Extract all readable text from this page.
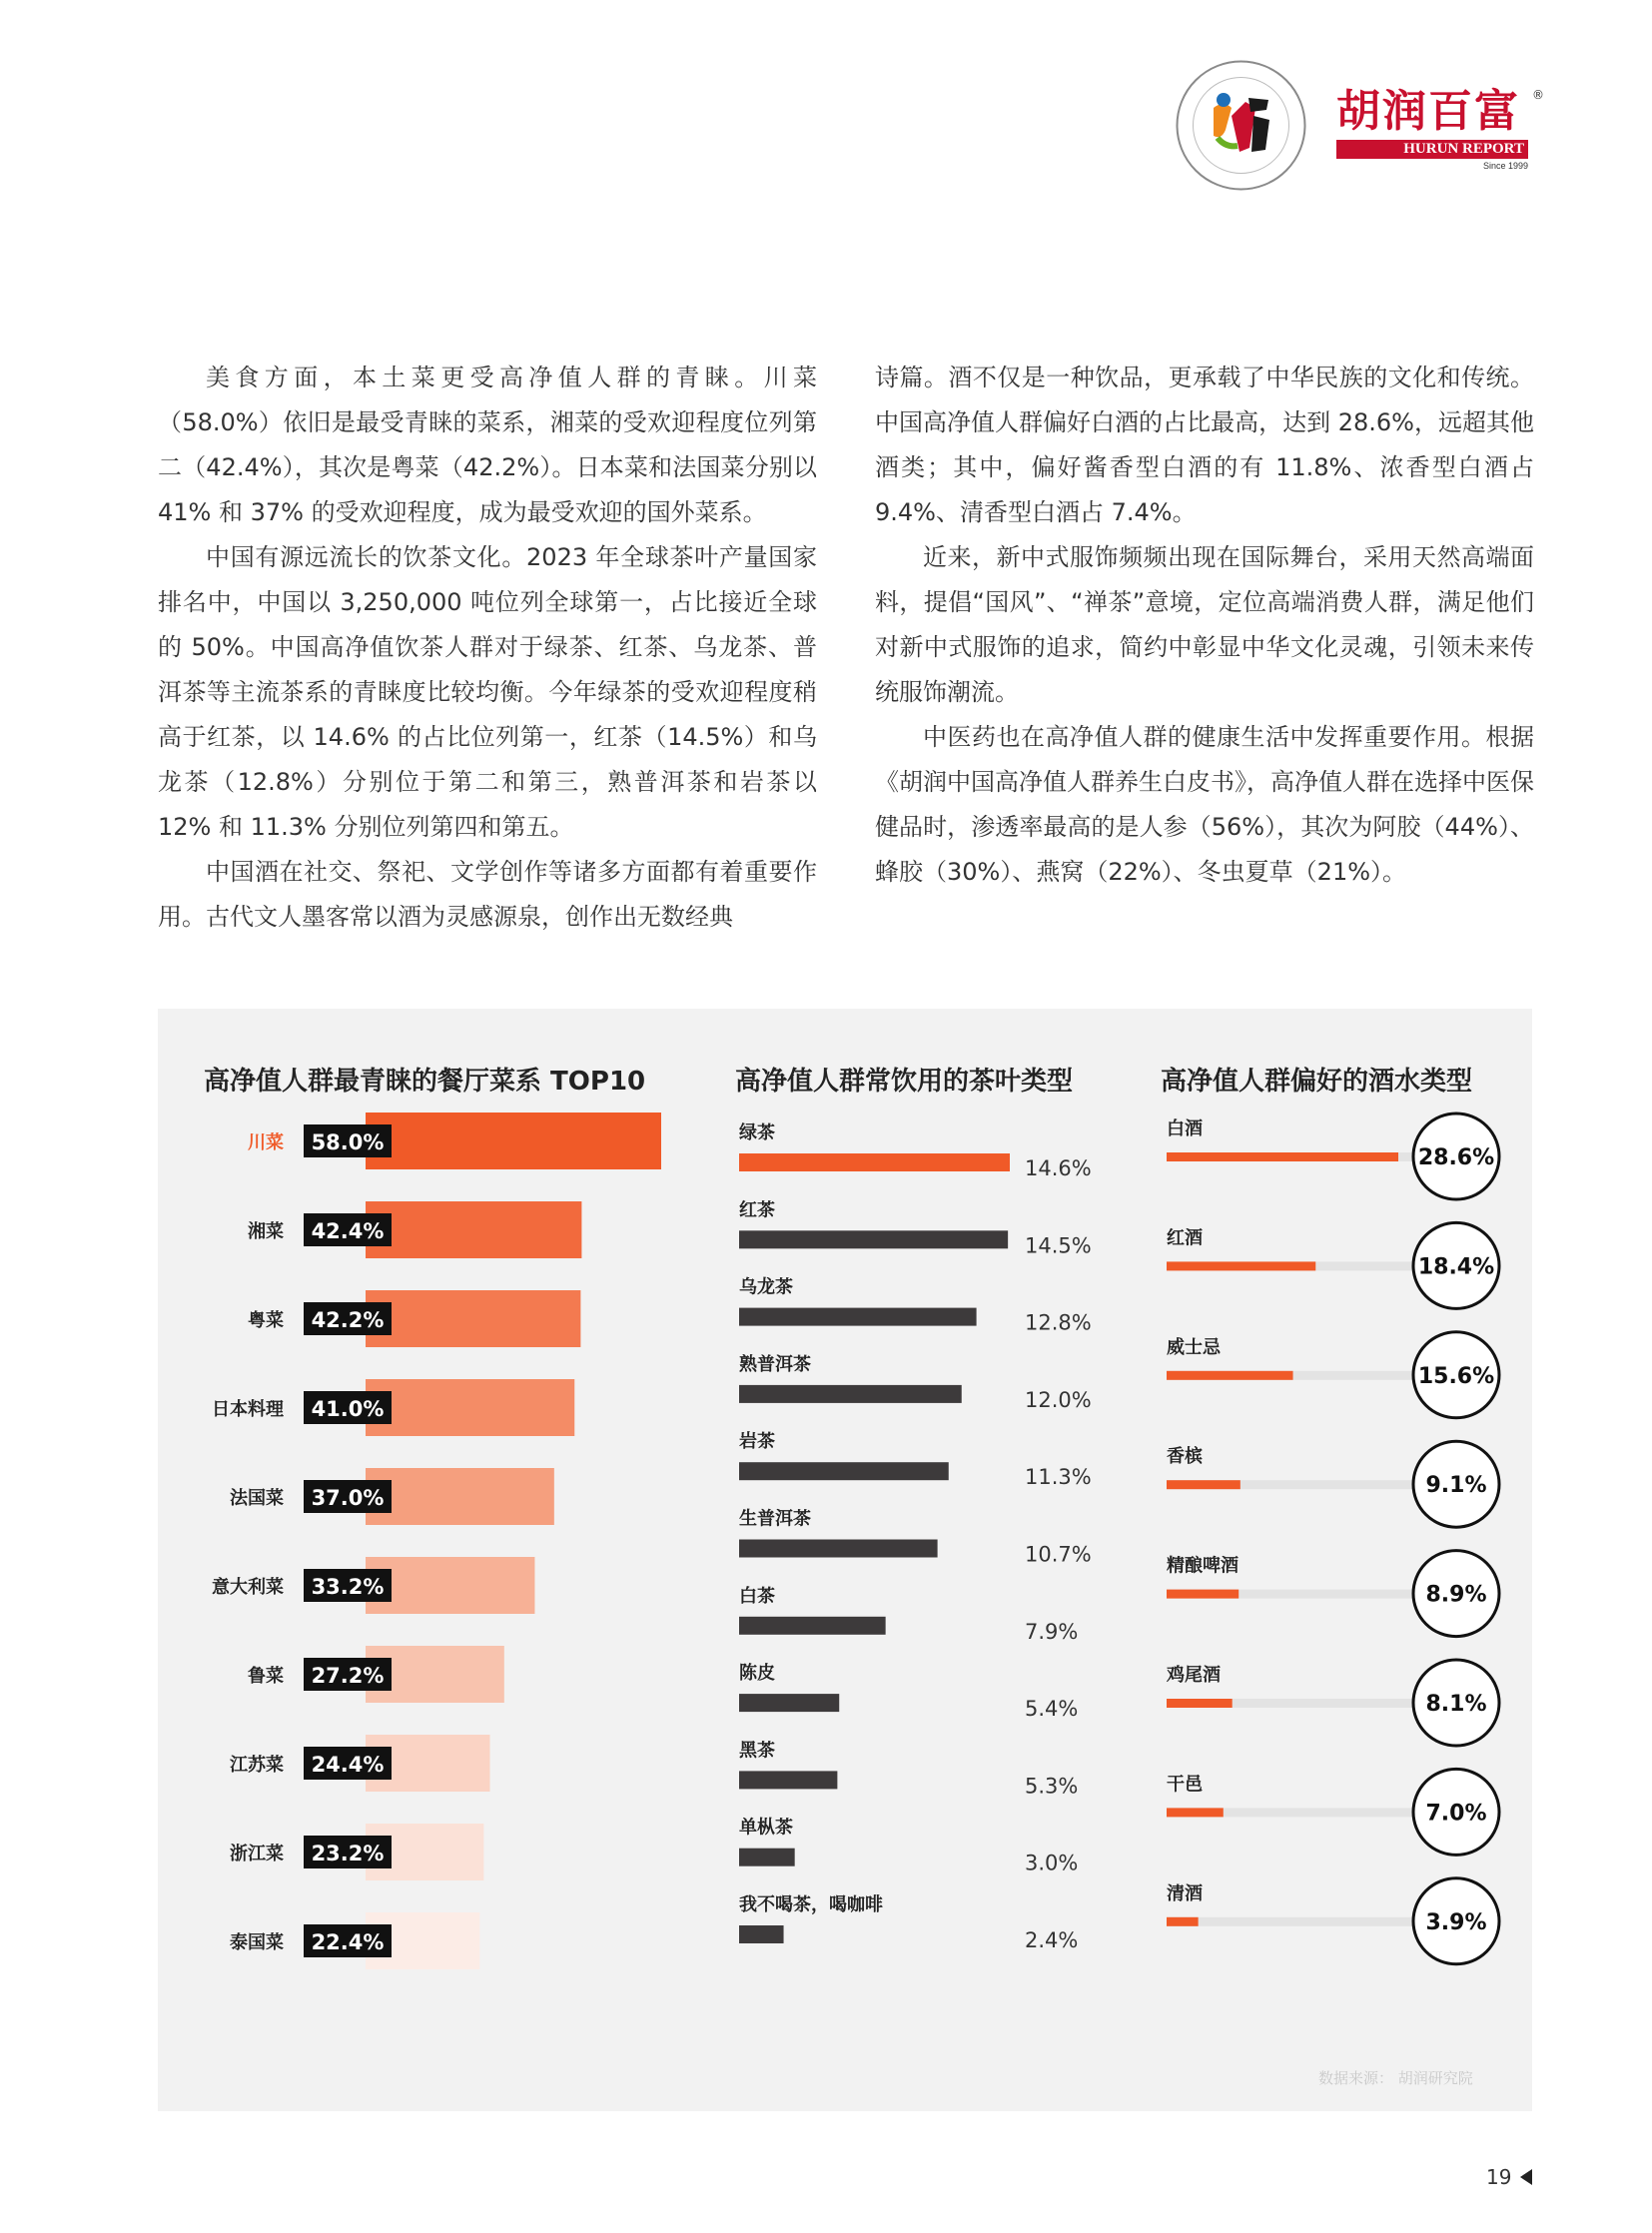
胡润百富	®
HURUN REPORT
Since 1999

美食方面，本土菜更受高净值人群的青睐。川菜（58.0%）依旧是最受青睐的菜系，湘菜的受欢迎程度位列第二（42.4%），其次是粤菜（42.2%）。日本菜和法国菜分别以 41% 和 37% 的受欢迎程度，成为最受欢迎的国外菜系。

中国有源远流长的饮茶文化。2023 年全球茶叶产量国家排名中，中国以 3,250,000 吨位列全球第一，占比接近全球的 50%。中国高净值饮茶人群对于绿茶、红茶、乌龙茶、普洱茶等主流茶系的青睐度比较均衡。今年绿茶的受欢迎程度稍高于红茶，以 14.6% 的占比位列第一，红茶（14.5%）和乌龙茶（12.8%）分别位于第二和第三，熟普洱茶和岩茶以 12% 和 11.3% 分别位列第四和第五。

中国酒在社交、祭祀、文学创作等诸多方面都有着重要作用。古代文人墨客常以酒为灵感源泉，创作出无数经典

诗篇。酒不仅是一种饮品，更承载了中华民族的文化和传统。中国高净值人群偏好白酒的占比最高，达到 28.6%，远超其他酒类；其中，偏好酱香型白酒的有 11.8%、浓香型白酒占 9.4%、清香型白酒占 7.4%。

近来，新中式服饰频频出现在国际舞台，采用天然高端面料，提倡“国风”、“禅茶”意境，定位高端消费人群，满足他们对新中式服饰的追求，简约中彰显中华文化灵魂，引领未来传统服饰潮流。

中医药也在高净值人群的健康生活中发挥重要作用。根据《胡润中国高净值人群养生白皮书》，高净值人群在选择中医保健品时，渗透率最高的是人参（56%），其次为阿胶（44%）、蜂胶（30%）、燕窝（22%）、冬虫夏草（21%）。

高净值人群最青睐的餐厅菜系 TOP10	高净值人群常饮用的茶叶类型	高净值人群偏好的酒水类型
58.0%
川菜
42.4%
湘菜
42.2%
粤菜
41.0%
日本料理
37.0%
法国菜
33.2%
意大利菜
27.2%
鲁菜
24.4%
江苏菜
23.2%
浙江菜
22.4%
泰国菜
绿茶
14.6%
红茶
14.5%
乌龙茶
12.8%
熟普洱茶
12.0%
岩茶
11.3%
生普洱茶
10.7%
白茶
7.9%
陈皮
5.4%
黑茶
5.3%
单枞茶
3.0%
我不喝茶，喝咖啡
2.4%
白酒
28.6%
红酒
18.4%
威士忌
15.6%
香槟
9.1%
精酿啤酒
8.9%
鸡尾酒
8.1%
干邑
7.0%
清酒
3.9%
数据来源： 胡润研究院
19
